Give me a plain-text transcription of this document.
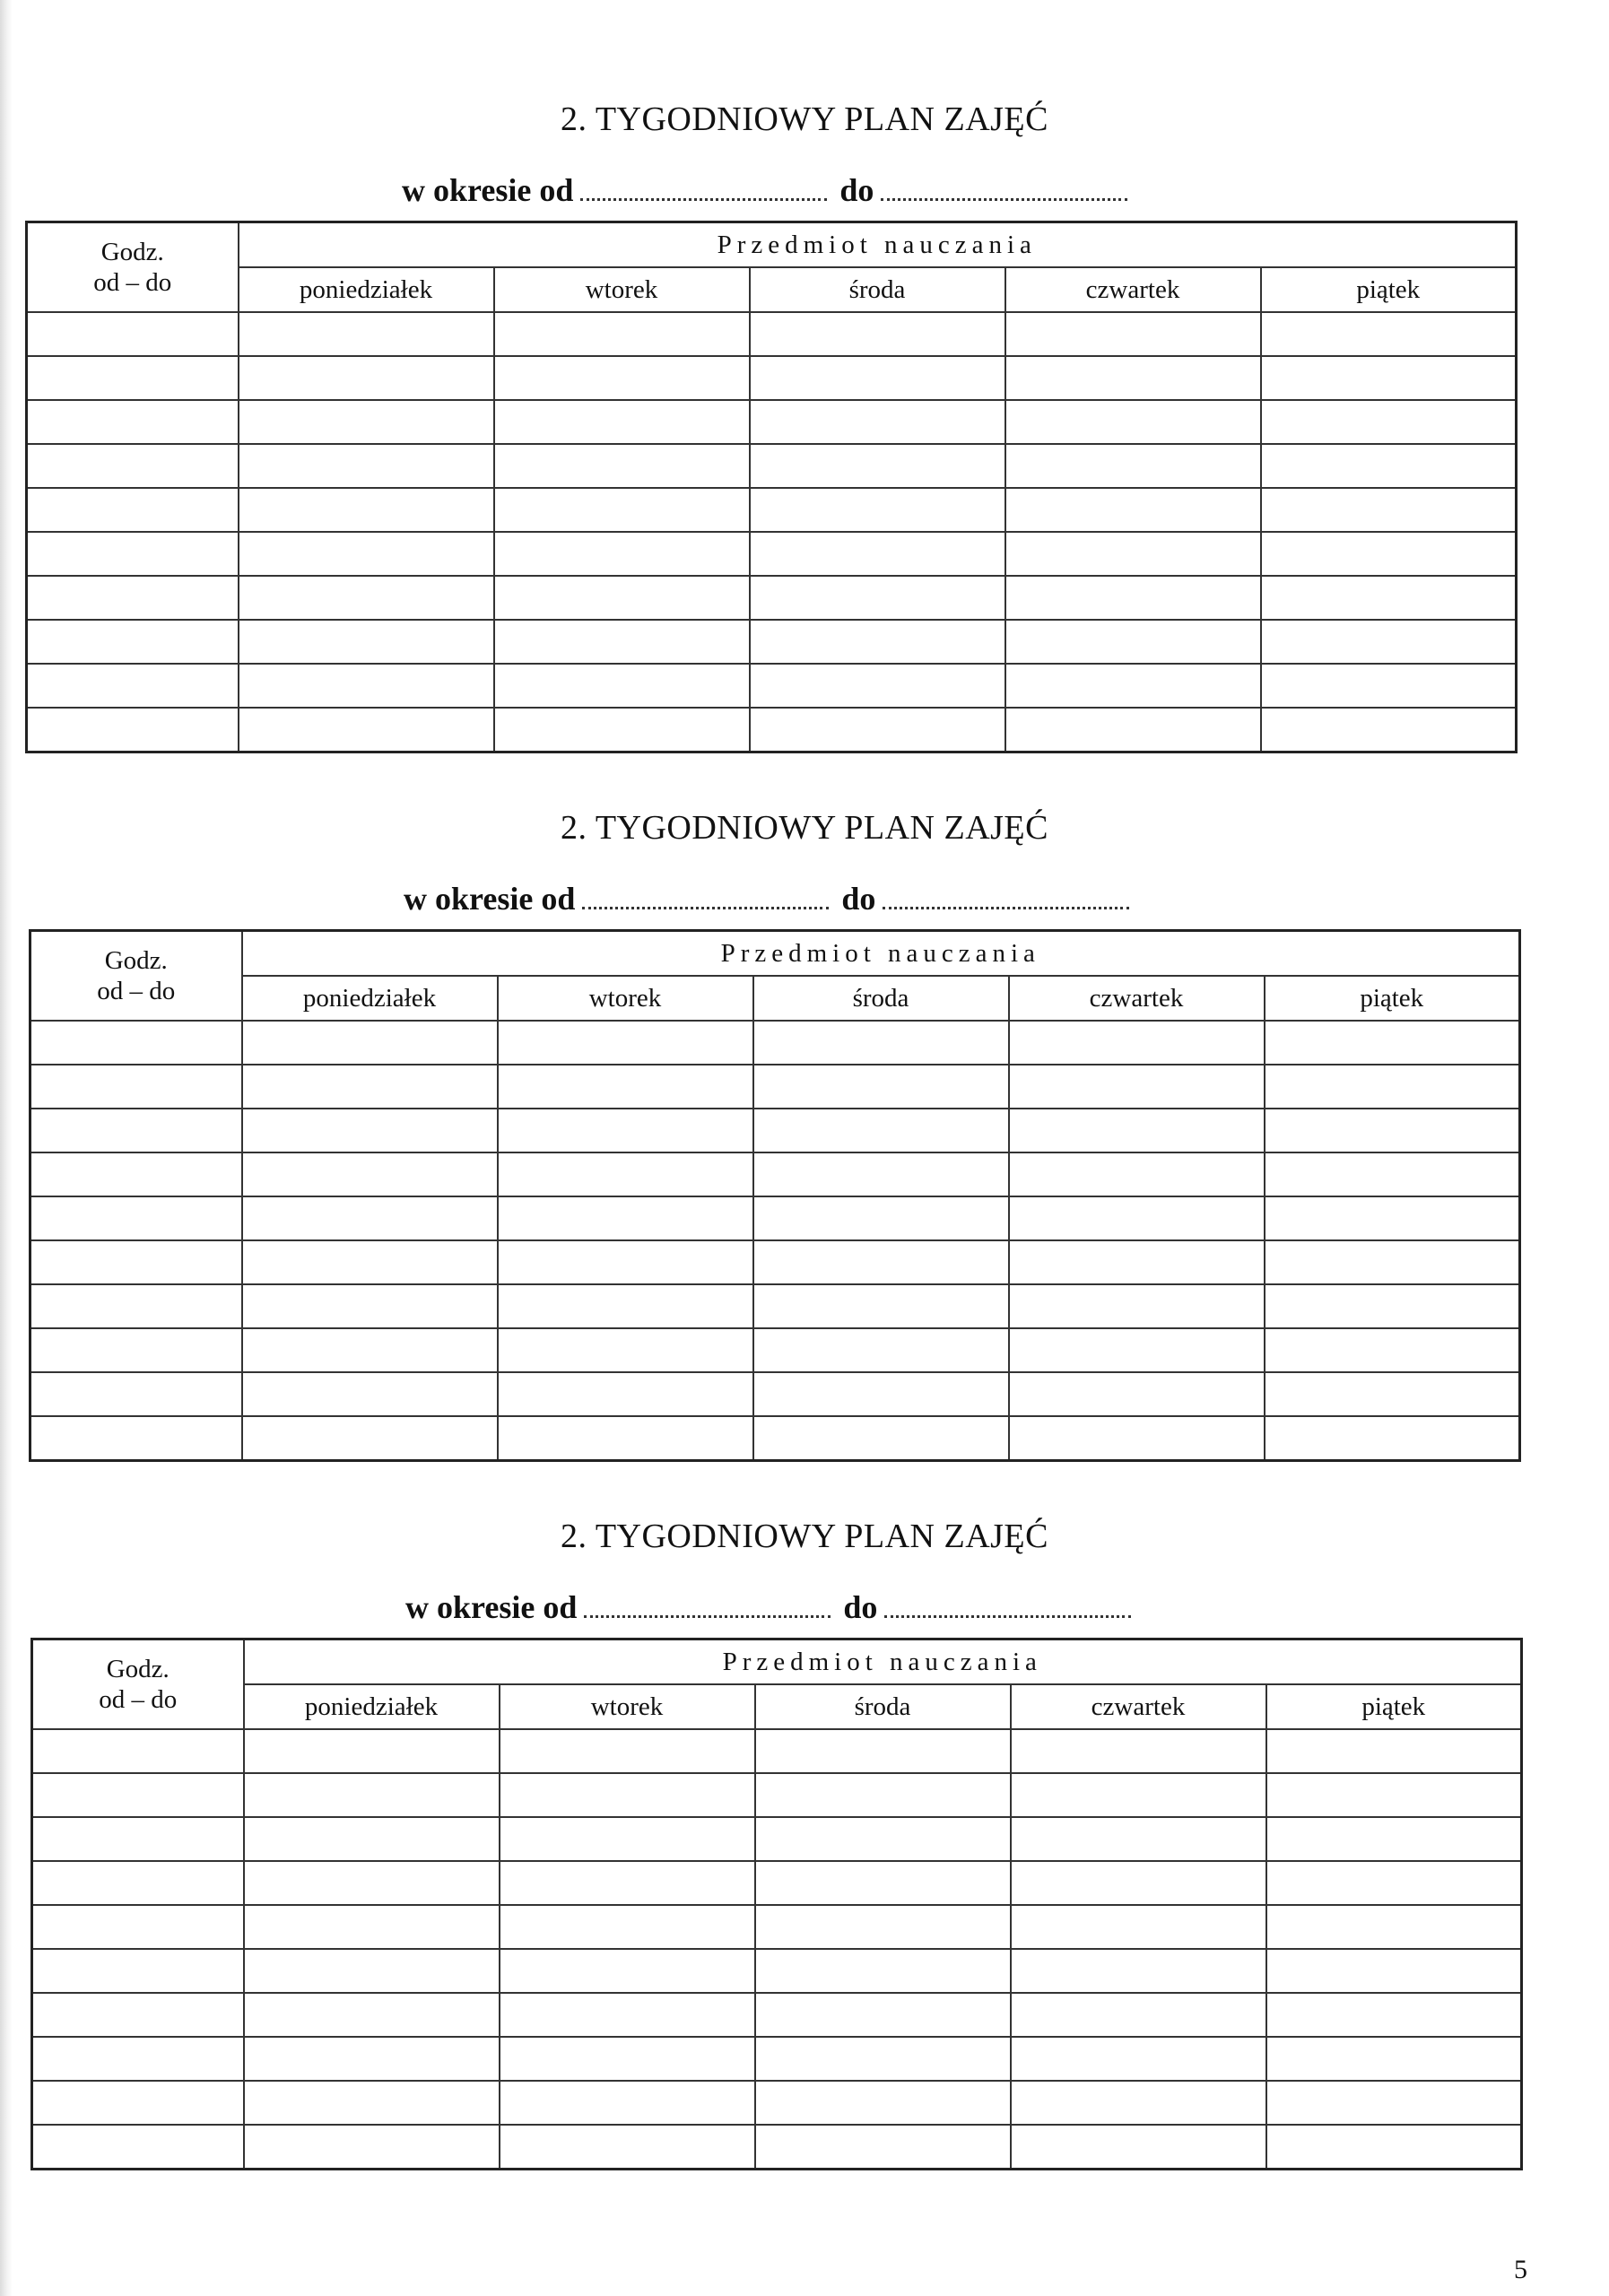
2. TYGODNIOWY PLAN ZAJĘĆ
w okresie od	do
Godz.
od – do	Przedmiot nauczania				
	poniedziałek	wtorek	środa	czwartek	piątek

2. TYGODNIOWY PLAN ZAJĘĆ
w okresie od	do
Godz.
od – do	Przedmiot nauczania				
	poniedziałek	wtorek	środa	czwartek	piątek

2. TYGODNIOWY PLAN ZAJĘĆ
w okresie od	do
Godz.
od – do	Przedmiot nauczania				
	poniedziałek	wtorek	środa	czwartek	piątek

5
